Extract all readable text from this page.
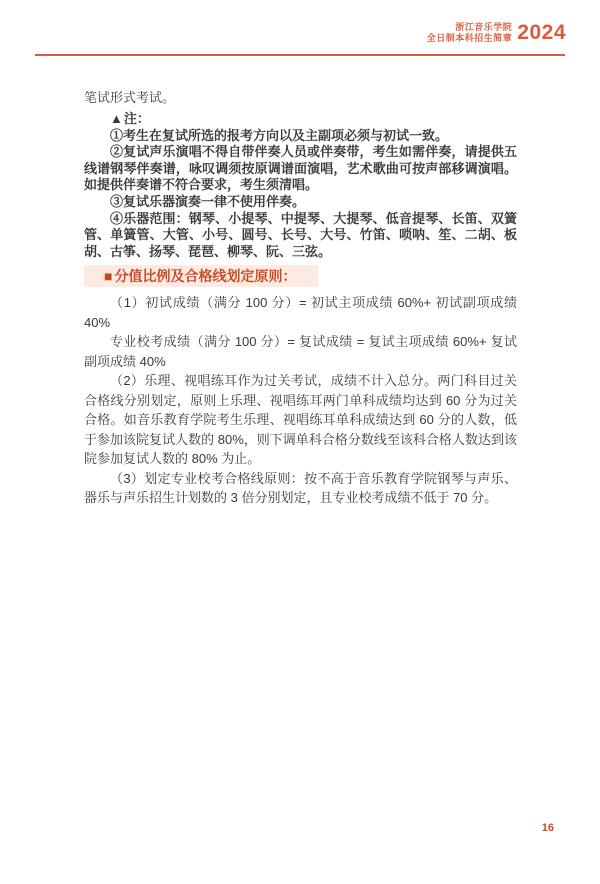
浙江音乐学院
全日制本科招生简章 2024

笔试形式考试。

▲注：

①考生在复试所选的报考方向以及主副项必须与初试一致。

②复试声乐演唱不得自带伴奏人员或伴奏带，考生如需伴奏，请提供五线谱钢琴伴奏谱，咏叹调须按原调谱面演唱，艺术歌曲可按声部移调演唱。如提供伴奏谱不符合要求，考生须清唱。

③复试乐器演奏一律不使用伴奏。

④乐器范围：钢琴、小提琴、中提琴、大提琴、低音提琴、长笛、双簧管、单簧管、大管、小号、圆号、长号、大号、竹笛、唢呐、笙、二胡、板胡、古筝、扬琴、琵琶、柳琴、阮、三弦。

■ 分值比例及合格线划定原则：

（1）初试成绩（满分 100 分）= 初试主项成绩 60%+ 初试副项成绩 40%

专业校考成绩（满分 100 分）= 复试成绩 = 复试主项成绩 60%+ 复试副项成绩 40%

（2）乐理、视唱练耳作为过关考试，成绩不计入总分。两门科目过关合格线分别划定，原则上乐理、视唱练耳两门单科成绩均达到 60 分为过关合格。如音乐教育学院考生乐理、视唱练耳单科成绩达到 60 分的人数，低于参加该院复试人数的 80%，则下调单科合格分数线至该科合格人数达到该院参加复试人数的 80% 为止。

（3）划定专业校考合格线原则：按不高于音乐教育学院钢琴与声乐、器乐与声乐招生计划数的 3 倍分别划定，且专业校考成绩不低于 70 分。

16
